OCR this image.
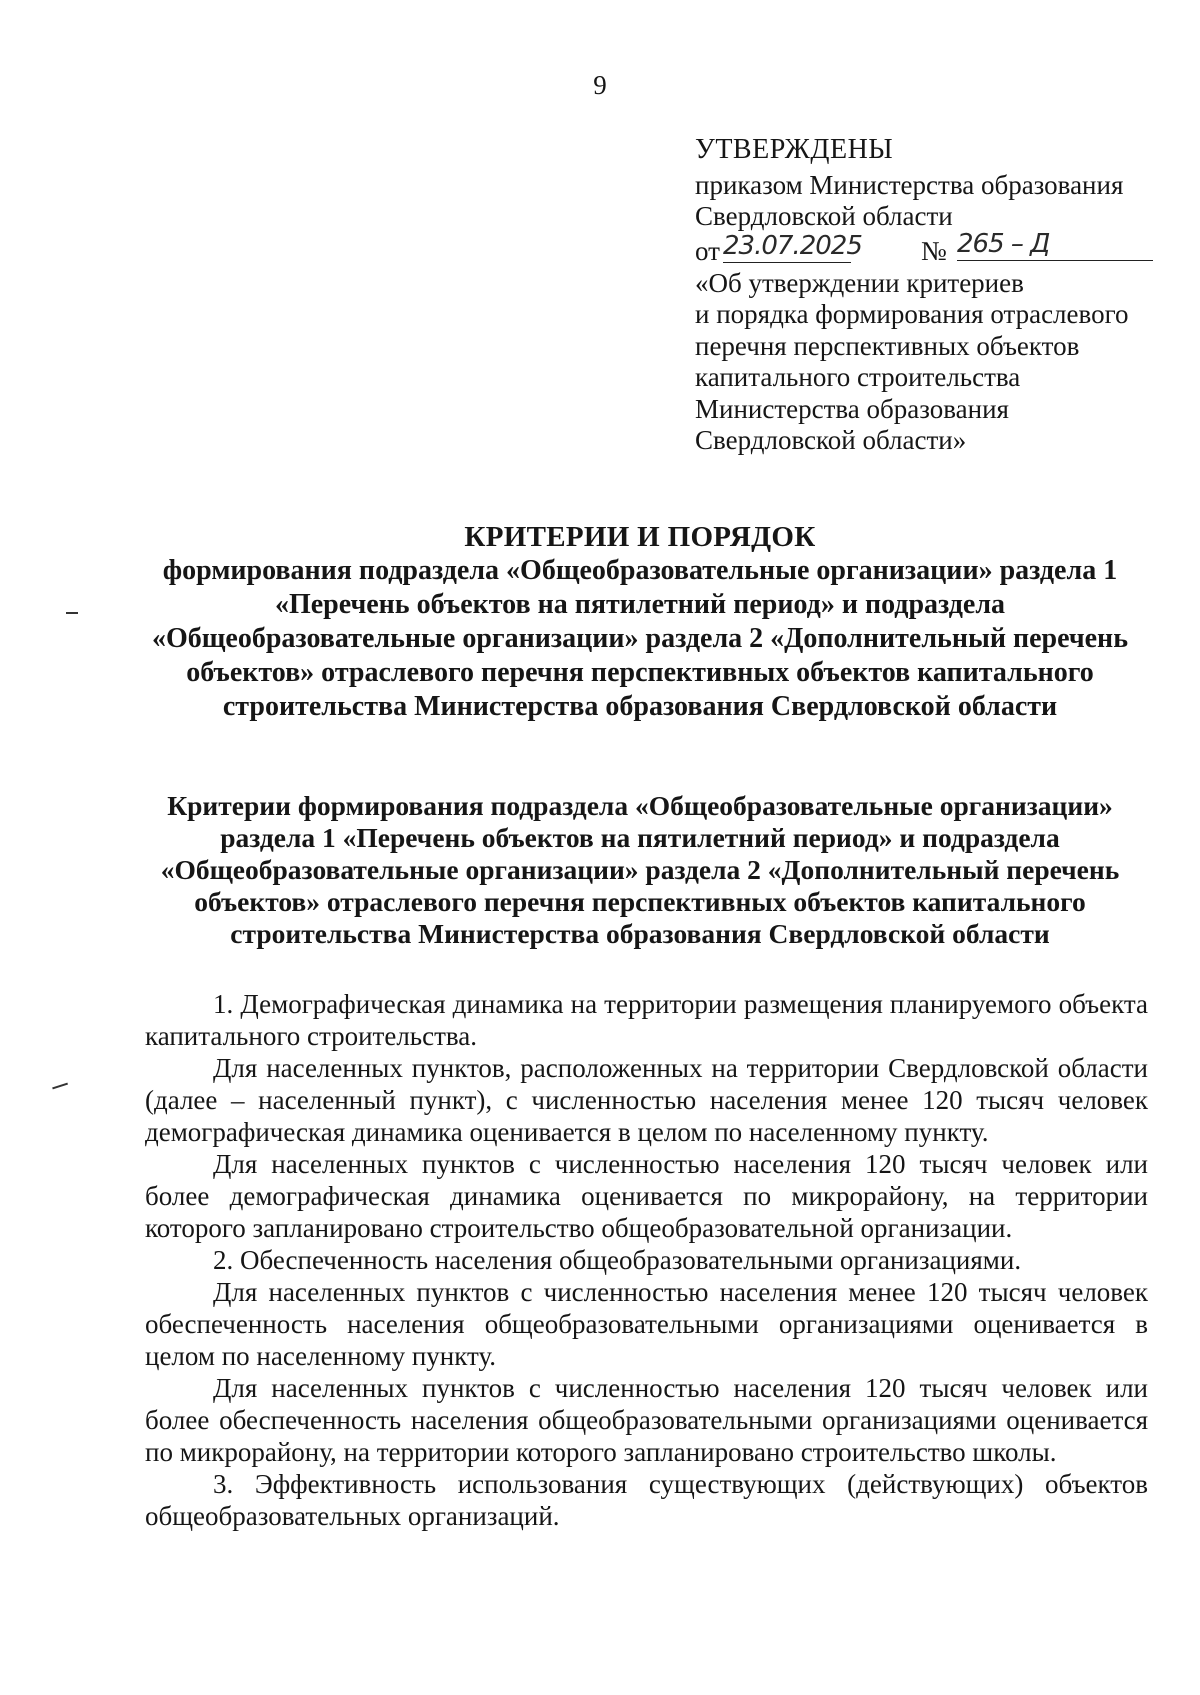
9
УТВЕРЖДЕНЫ
приказом Министерства образования
Свердловской области
от 23.07.2025 № 265 – Д
«Об утверждении критериев
и порядка формирования отраслевого
перечня перспективных объектов
капитального строительства
Министерства образования
Свердловской области»
КРИТЕРИИ И ПОРЯДОК
формирования подраздела «Общеобразовательные организации» раздела 1
«Перечень объектов на пятилетний период» и подраздела
«Общеобразовательные организации» раздела 2 «Дополнительный перечень
объектов» отраслевого перечня перспективных объектов капитального
строительства Министерства образования Свердловской области
Критерии формирования подраздела «Общеобразовательные организации»
раздела 1 «Перечень объектов на пятилетний период» и подраздела
«Общеобразовательные организации» раздела 2 «Дополнительный перечень
объектов» отраслевого перечня перспективных объектов капитального
строительства Министерства образования Свердловской области

1. Демографическая динамика на территории размещения планируемого объекта капитального строительства.

Для населенных пунктов, расположенных на территории Свердловской области (далее – населенный пункт), с численностью населения менее 120 тысяч человек демографическая динамика оценивается в целом по населенному пункту.

Для населенных пунктов с численностью населения 120 тысяч человек или более демографическая динамика оценивается по микрорайону, на территории которого запланировано строительство общеобразовательной организации.

2. Обеспеченность населения общеобразовательными организациями.

Для населенных пунктов с численностью населения менее 120 тысяч человек обеспеченность населения общеобразовательными организациями оценивается в целом по населенному пункту.

Для населенных пунктов с численностью населения 120 тысяч человек или более обеспеченность населения общеобразовательными организациями оценивается по микрорайону, на территории которого запланировано строительство школы.

3. Эффективность использования существующих (действующих) объектов общеобразовательных организаций.
